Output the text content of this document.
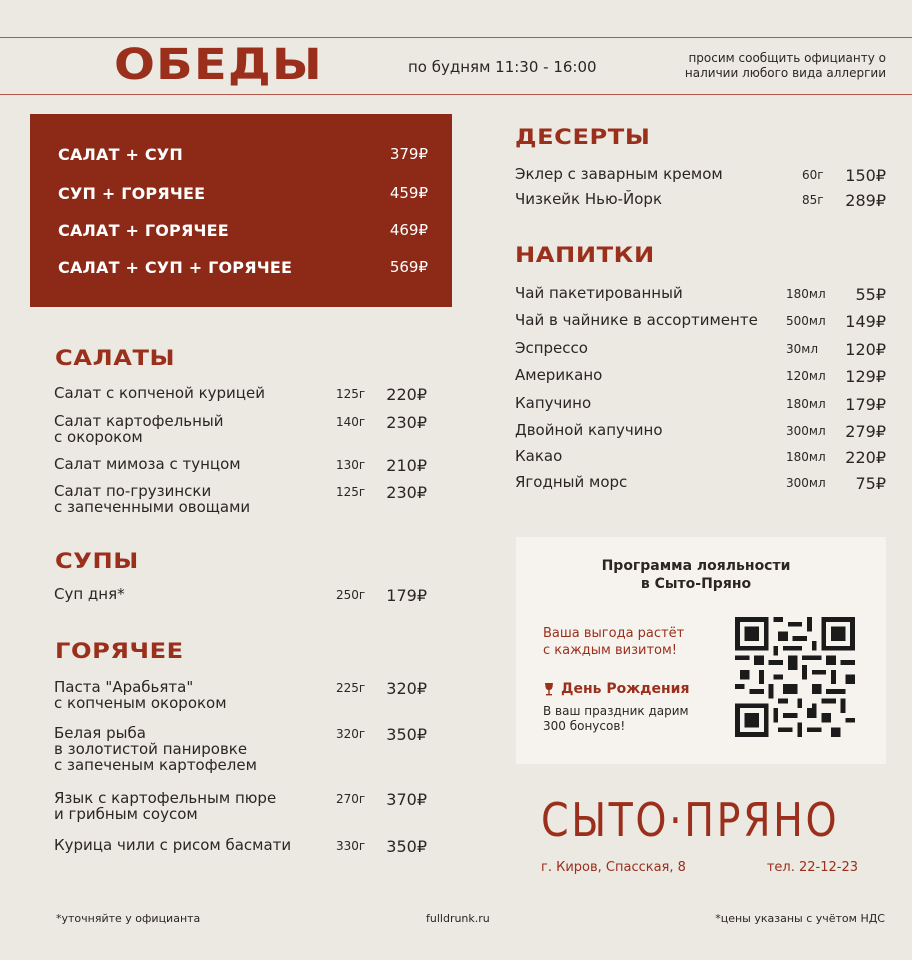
ОБЕДЫ	по будням 11:30 - 16:00	просим сообщить официанту о наличии любого вида аллергии
САЛАТ + СУП	379₽
СУП + ГОРЯЧЕЕ	459₽
САЛАТ + ГОРЯЧЕЕ	469₽
САЛАТ + СУП + ГОРЯЧЕЕ	569₽
САЛАТЫ
Салат с копченой курицей	125г 220₽
Салат картофельный
с окороком
140г 230₽
Салат мимоза с тунцом	130г 210₽
Салат по-грузински
с запеченными овощами
125г 230₽
СУПЫ
Суп дня*	250г 179₽
ГОРЯЧЕЕ
Паста "Арабьята"
с копченым окороком
225г 320₽
Белая рыба
в золотистой панировке
с запеченым картофелем
320г 350₽
Язык с картофельным пюре
и грибным соусом
270г 370₽
Курица чили с рисом басмати	330г 350₽
ДЕСЕРТЫ
Эклер с заварным кремом	60г 150₽
Чизкейк Нью-Йорк	85г 289₽
НАПИТКИ
Чай пакетированный	180мл 55₽
Чай в чайнике в ассортименте 500мл 149₽
Эспрессо	30мл 120₽
Американо	120мл 129₽
Капучино	180мл 179₽
Двойной капучино	300мл 279₽
Какао	180мл 220₽
Ягодный морс	300мл 75₽
Программа лояльности
в Сыто-Пряно
Ваша выгода растёт
с каждым визитом!
День Рождения
В ваш праздник дарим
300 бонусов!
СЫТО·ПРЯНО
г. Киров, Спасская, 8	тел. 22-12-23
*уточняйте у официанта	fulldrunk.ru	*цены указаны с учётом НДС
